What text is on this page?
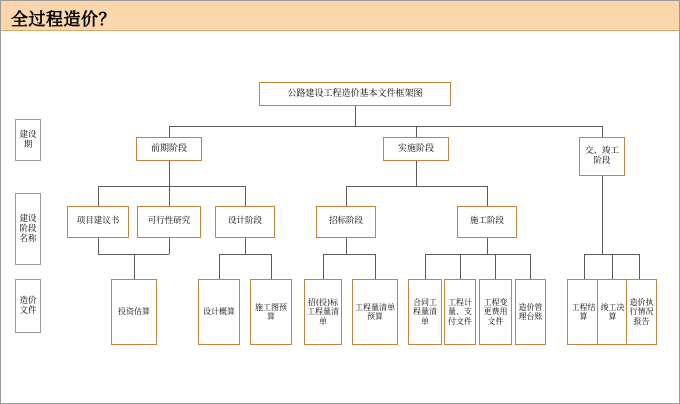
全过程造价？
建设期
建设阶段名称
造价文件
公路建设工程造价基本文件框架图
前期阶段	实施阶段	交、竣工阶段
项目建议书	可行性研究	设计阶段	招标阶段	施工阶段
投资估算	设计概算
施工图预算
招(投)标工程量清单
工程量清单预算
合同工程量清单
工程计量、支付文件
工程变更费用文件
造价管理台账
工程结算
竣工决算
造价执行情况报告
